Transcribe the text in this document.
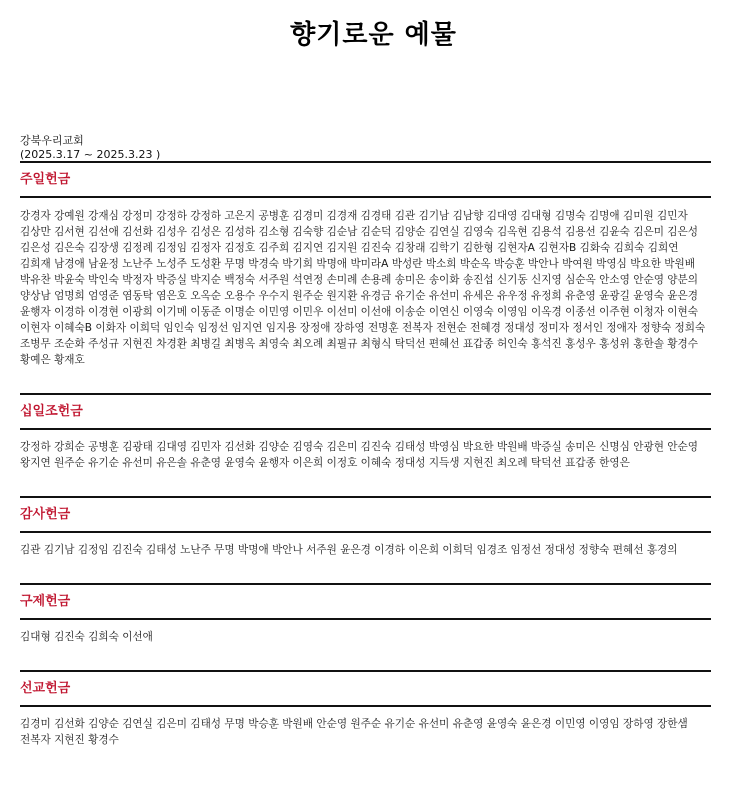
향기로운 예물
강북우리교회
(2025.3.17 ~ 2025.3.23 )
주일헌금
강경자 강예원 강재심 강정미 강정하 강정하 고은지 공병훈 김경미 김경재 김경태 김관 김기남 김남향 김대영 김대형 김명숙 김명애 김미원 김민자 김상만 김서현 김선애 김선화 김성우 김성은 김성하 김소형 김숙향 김순남 김순덕 김양순 김연실 김영숙 김옥현 김용석 김용선 김윤숙 김은미 김은성 김은성 김은숙 김장생 김정례 김정임 김정자 김정호 김주희 김지연 김지원 김진숙 김창래 김학기 김한형 김현자A 김현자B 김화숙 김희숙 김희연 김희재 남경애 남윤정 노난주 노성주 도성환 무명 박경숙 박기희 박명애 박미라A 박성란 박소희 박순옥 박승훈 박안나 박여원 박영심 박요한 박원배 박유찬 박윤숙 박인숙 박정자 박증실 박지순 백정숙 서주원 석연정 손미례 손용례 송미은 송이화 송진섭 신기동 신지영 심순옥 안소영 안순영 양분의 양상남 엄명희 엄영준 염동탁 염은호 오옥순 오용수 우수지 원주순 원지환 유경금 유기순 유선미 유세은 유우정 유정희 유춘영 윤광길 윤영숙 윤은경 윤행자 이경하 이경현 이광희 이기메 이동준 이명순 이민영 이민우 이선미 이선애 이송순 이연신 이영숙 이영임 이옥경 이종선 이주현 이청자 이현숙 이현자 이혜숙B 이화자 이희덕 임인숙 임정선 임지연 임지용 장정애 장하영 전명훈 전복자 전현순 전혜경 정대성 정미자 정서인 정애자 정향숙 정희숙 조병무 조순화 주성규 지현진 차경환 최병길 최병옥 최영숙 최오례 최필규 최형식 탁덕선 편혜선 표갑종 허인숙 홍석진 홍성우 홍성위 홍한솔 황경수 황예은 황재호
십일조헌금
강정하 강희순 공병훈 김광태 김대영 김민자 김선화 김양순 김영숙 김은미 김진숙 김태성 박영심 박요한 박원배 박증실 송미은 신명심 안광현 안순영 왕지연 원주순 유기순 유선미 유은솔 유춘영 윤영숙 윤행자 이은희 이정호 이혜숙 정대성 지득생 지현진 최오례 탁덕선 표갑종 한영은
감사헌금
김관 김기남 김정임 김진숙 김태성 노난주 무명 박명애 박안나 서주원 윤은경 이경하 이은희 이희덕 임경조 임정선 정대성 정향숙 편혜선 홍경의
구제헌금
김대형 김진숙 김희숙 이선애
선교헌금
김경미 김선화 김양순 김연실 김은미 김태성 무명 박승훈 박원배 안순영 원주순 유기순 유선미 유춘영 윤영숙 윤은경 이민영 이영임 장하영 장한샘 전복자 지현진 황경수
